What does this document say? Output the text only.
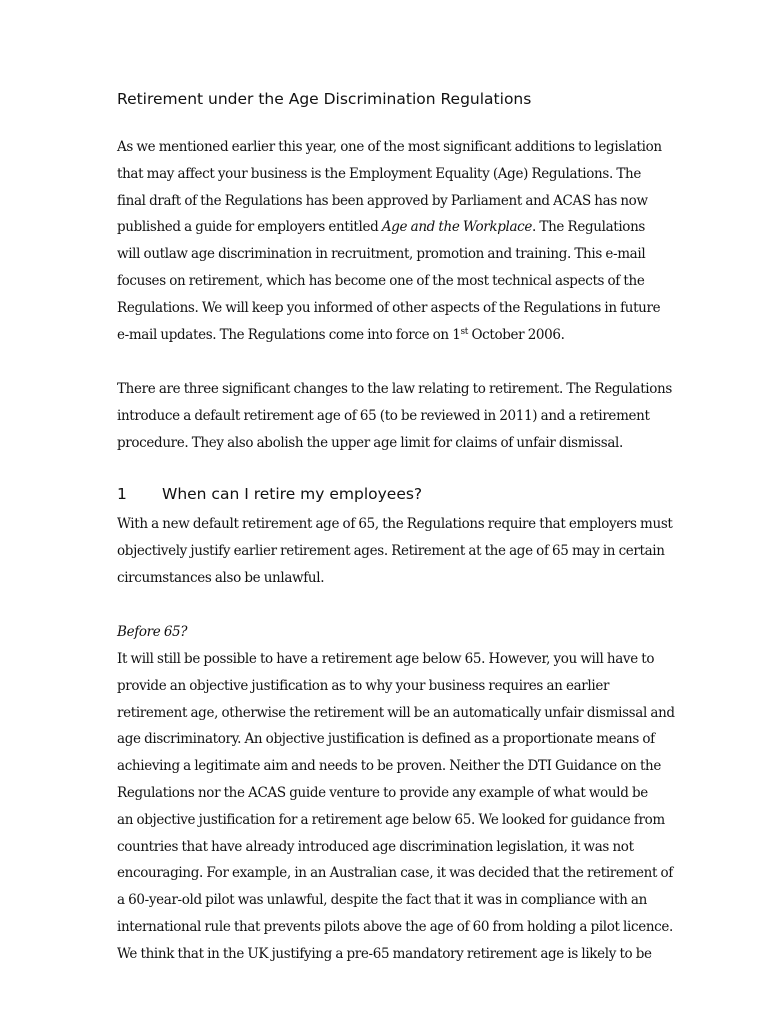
Retirement under the Age Discrimination Regulations

As we mentioned earlier this year, one of the most significant additions to legislation
that may affect your business is the Employment Equality (Age) Regulations. The
final draft of the Regulations has been approved by Parliament and ACAS has now
published a guide for employers entitled Age and the Workplace. The Regulations
will outlaw age discrimination in recruitment, promotion and training. This e-mail
focuses on retirement, which has become one of the most technical aspects of the
Regulations. We will keep you informed of other aspects of the Regulations in future
e-mail updates. The Regulations come into force on 1st October 2006.

There are three significant changes to the law relating to retirement. The Regulations
introduce a default retirement age of 65 (to be reviewed in 2011) and a retirement
procedure. They also abolish the upper age limit for claims of unfair dismissal.

1 When can I retire my employees?

With a new default retirement age of 65, the Regulations require that employers must
objectively justify earlier retirement ages. Retirement at the age of 65 may in certain
circumstances also be unlawful.

Before 65?

It will still be possible to have a retirement age below 65. However, you will have to
provide an objective justification as to why your business requires an earlier
retirement age, otherwise the retirement will be an automatically unfair dismissal and
age discriminatory. An objective justification is defined as a proportionate means of
achieving a legitimate aim and needs to be proven. Neither the DTI Guidance on the
Regulations nor the ACAS guide venture to provide any example of what would be
an objective justification for a retirement age below 65. We looked for guidance from
countries that have already introduced age discrimination legislation, it was not
encouraging. For example, in an Australian case, it was decided that the retirement of
a 60-year-old pilot was unlawful, despite the fact that it was in compliance with an
international rule that prevents pilots above the age of 60 from holding a pilot licence.
We think that in the UK justifying a pre-65 mandatory retirement age is likely to be
